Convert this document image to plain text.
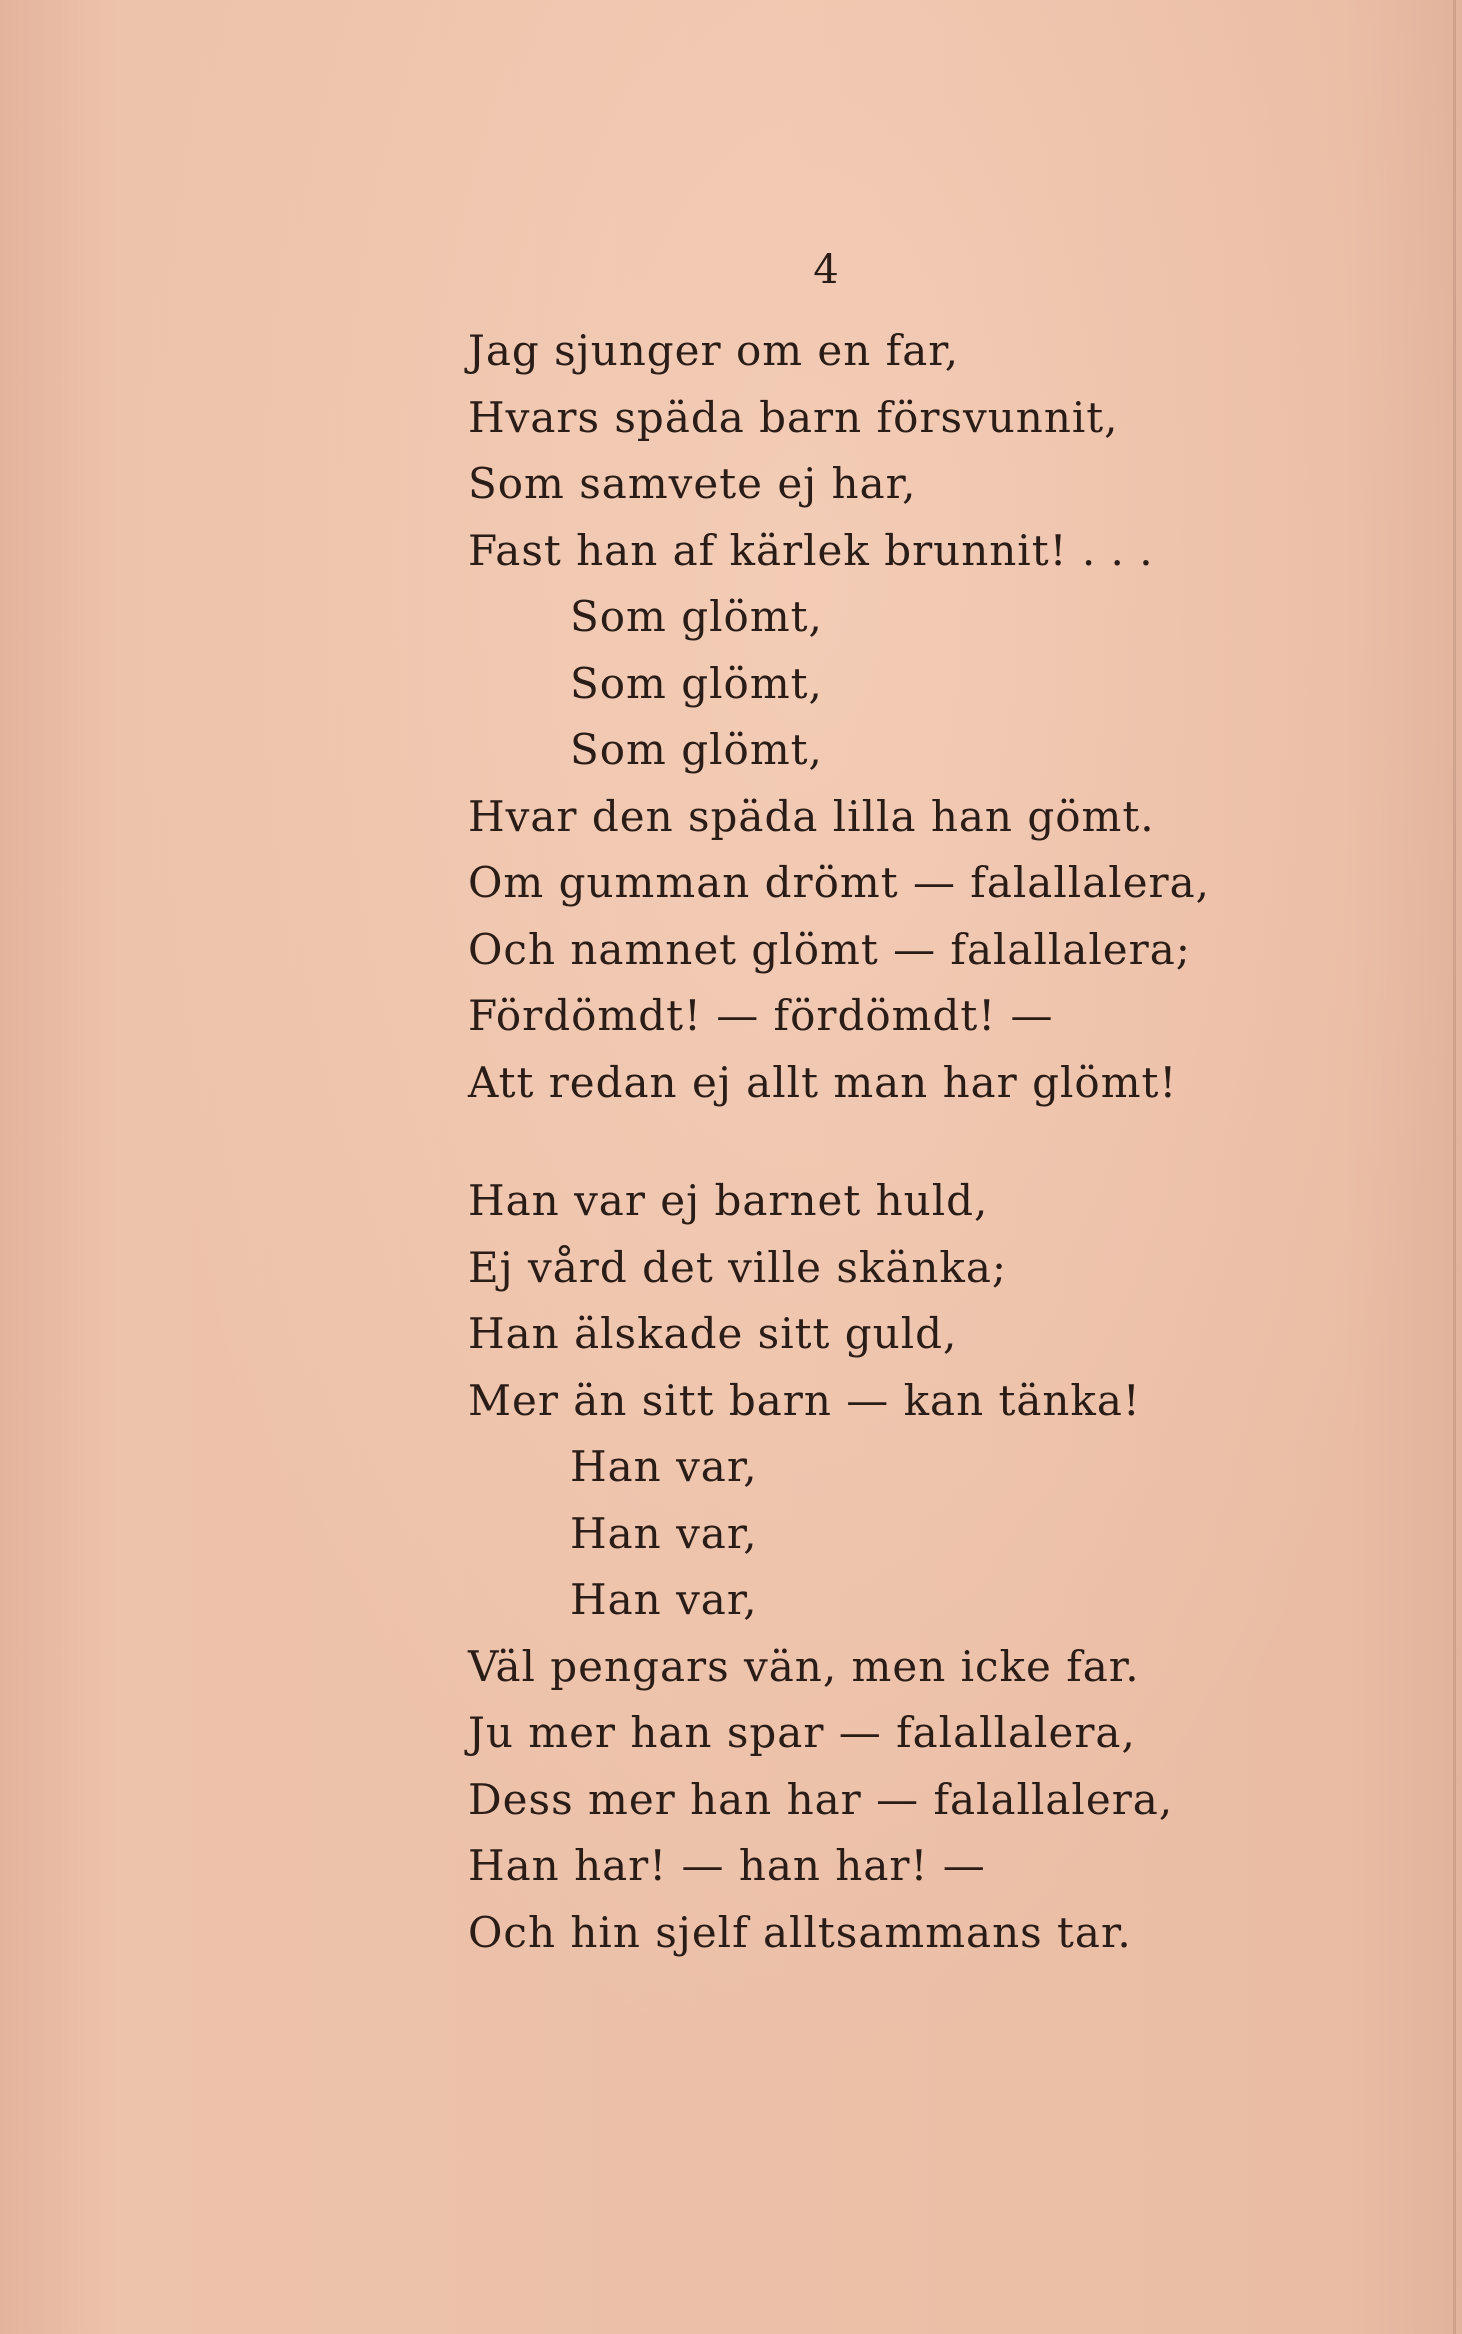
4

Jag sjunger om en far,
Hvars späda barn försvunnit,
Som samvete ej har,
Fast han af kärlek brunnit! . . .
Som glömt,
Som glömt,
Som glömt,
Hvar den späda lilla han gömt.
Om gumman drömt — falallalera,
Och namnet glömt — falallalera;
Fördömdt! — fördömdt! —
Att redan ej allt man har glömt!
Han var ej barnet huld,
Ej vård det ville skänka;
Han älskade sitt guld,
Mer än sitt barn — kan tänka!
Han var,
Han var,
Han var,
Väl pengars vän, men icke far.
Ju mer han spar — falallalera,
Dess mer han har — falallalera,
Han har! — han har! —
Och hin sjelf alltsammans tar.
